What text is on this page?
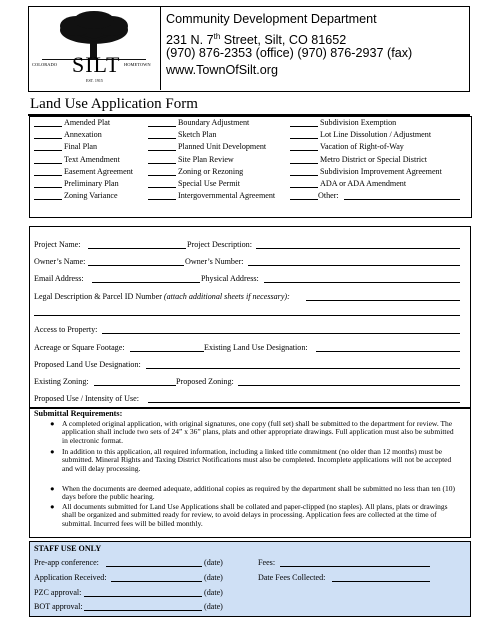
SILT
COLORADO	HOMETOWN
EST. 1915
Community Development Department
231 N. 7th Street, Silt, CO 81652
(970) 876-2353 (office) (970) 876-2937 (fax)
www.TownOfSilt.org
Land Use Application Form
Amended Plat
Annexation
Final Plan
Text Amendment
Easement Agreement
Preliminary Plan
Zoning Variance
Boundary Adjustment
Sketch Plan
Planned Unit Development
Site Plan Review
Zoning or Rezoning
Special Use Permit
Intergovernmental Agreement
Subdivision Exemption
Lot Line Dissolution / Adjustment
Vacation of Right-of-Way
Metro District or Special District
Subdivision Improvement Agreement
ADA or ADA Amendment
Other:
Project Name:	Project Description:
Owner’s Name:	Owner’s Number:
Email Address:	Physical Address:
Legal Description & Parcel ID Number (attach additional sheets if necessary):
Access to Property:
Acreage or Square Footage:	Existing Land Use Designation:
Proposed Land Use Designation:
Existing Zoning:	Proposed Zoning:
Proposed Use / Intensity of Use:
Submittal Requirements:
● A completed original application, with original signatures, one copy (full set) shall be submitted to the department for review. The application shall include two sets of 24” x 36” plans, plats and other appropriate drawings. Full application must also be submitted in electronic format.
● In addition to this application, all required information, including a linked title commitment (no older than 12 months) must be submitted. Mineral Rights and Taxing District Notifications must also be completed. Incomplete applications will not be accepted and will delay processing.
● When the documents are deemed adequate, additional copies as required by the department shall be submitted no less than ten (10) days before the public hearing.
● All documents submitted for Land Use Applications shall be collated and paper-clipped (no staples). All plans, plats or drawings shall be organized and submitted ready for review, to avoid delays in processing. Application fees are collected at the time of submittal. Incurred fees will be billed monthly.
STAFF USE ONLY
Pre-app conference:	(date)	Fees:
Application Received:	(date)	Date Fees Collected:
PZC approval:	(date)
BOT approval:	(date)
